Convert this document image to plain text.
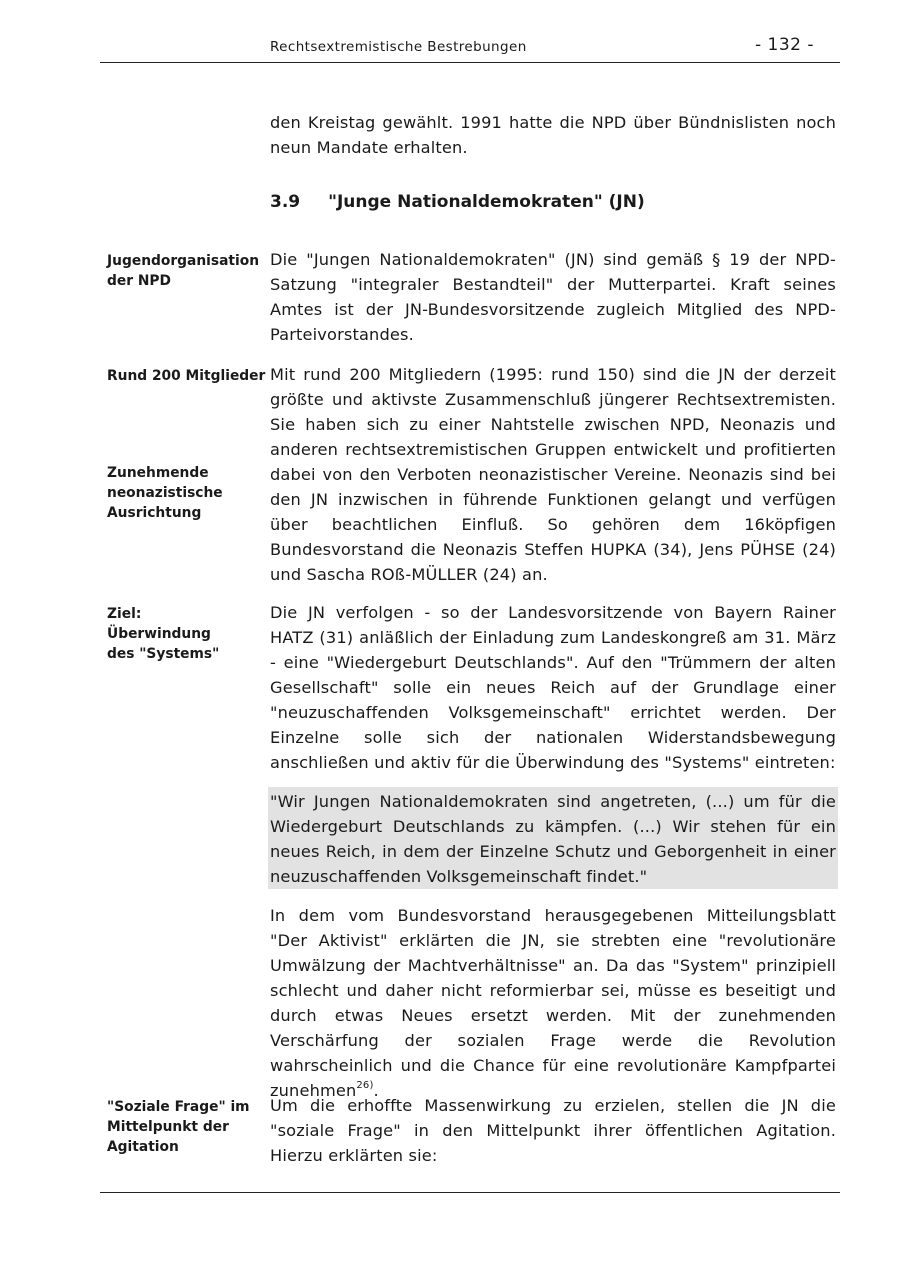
Rechtsextremistische Bestrebungen	- 132 -
den Kreistag gewählt. 1991 hatte die NPD über Bündnislisten noch neun Mandate erhalten.
3.9 "Junge Nationaldemokraten" (JN)
Jugendorganisation der NPD
Die "Jungen Nationaldemokraten" (JN) sind gemäß § 19 der NPD-Satzung "integraler Bestandteil" der Mutterpartei. Kraft seines Amtes ist der JN-Bundesvorsitzende zugleich Mitglied des NPD-Parteivorstandes.
Rund 200 Mitglieder
Zunehmende neonazistische Ausrichtung
Mit rund 200 Mitgliedern (1995: rund 150) sind die JN der derzeit größte und aktivste Zusammenschluß jüngerer Rechtsextremisten. Sie haben sich zu einer Nahtstelle zwischen NPD, Neonazis und anderen rechtsextremistischen Gruppen entwickelt und profitierten dabei von den Verboten neonazistischer Vereine. Neonazis sind bei den JN inzwischen in führende Funktionen gelangt und verfügen über beachtlichen Einfluß. So gehören dem 16köpfigen Bundesvorstand die Neonazis Steffen HUPKA (34), Jens PÜHSE (24) und Sascha ROß-MÜLLER (24) an.
Ziel:
Überwindung des "Systems"
Die JN verfolgen - so der Landesvorsitzende von Bayern Rainer HATZ (31) anläßlich der Einladung zum Landeskongreß am 31. März - eine "Wiedergeburt Deutschlands". Auf den "Trümmern der alten Gesellschaft" solle ein neues Reich auf der Grundlage einer "neuzuschaffenden Volksgemeinschaft" errichtet werden. Der Einzelne solle sich der nationalen Widerstandsbewegung anschließen und aktiv für die Überwindung des "Systems" eintreten:
"Wir Jungen Nationaldemokraten sind angetreten, (...) um für die Wiedergeburt Deutschlands zu kämpfen. (...) Wir stehen für ein neues Reich, in dem der Einzelne Schutz und Geborgenheit in einer neuzuschaffenden Volksgemeinschaft findet."
In dem vom Bundesvorstand herausgegebenen Mitteilungsblatt "Der Aktivist" erklärten die JN, sie strebten eine "revolutionäre Umwälzung der Machtverhältnisse" an. Da das "System" prinzipiell schlecht und daher nicht reformierbar sei, müsse es beseitigt und durch etwas Neues ersetzt werden. Mit der zunehmenden Verschärfung der sozialen Frage werde die Revolution wahrscheinlich und die Chance für eine revolutionäre Kampfpartei zunehmen$^{26)}$.
"Soziale Frage" im Mittelpunkt der Agitation
Um die erhoffte Massenwirkung zu erzielen, stellen die JN die "soziale Frage" in den Mittelpunkt ihrer öffentlichen Agitation. Hierzu erklärten sie:
